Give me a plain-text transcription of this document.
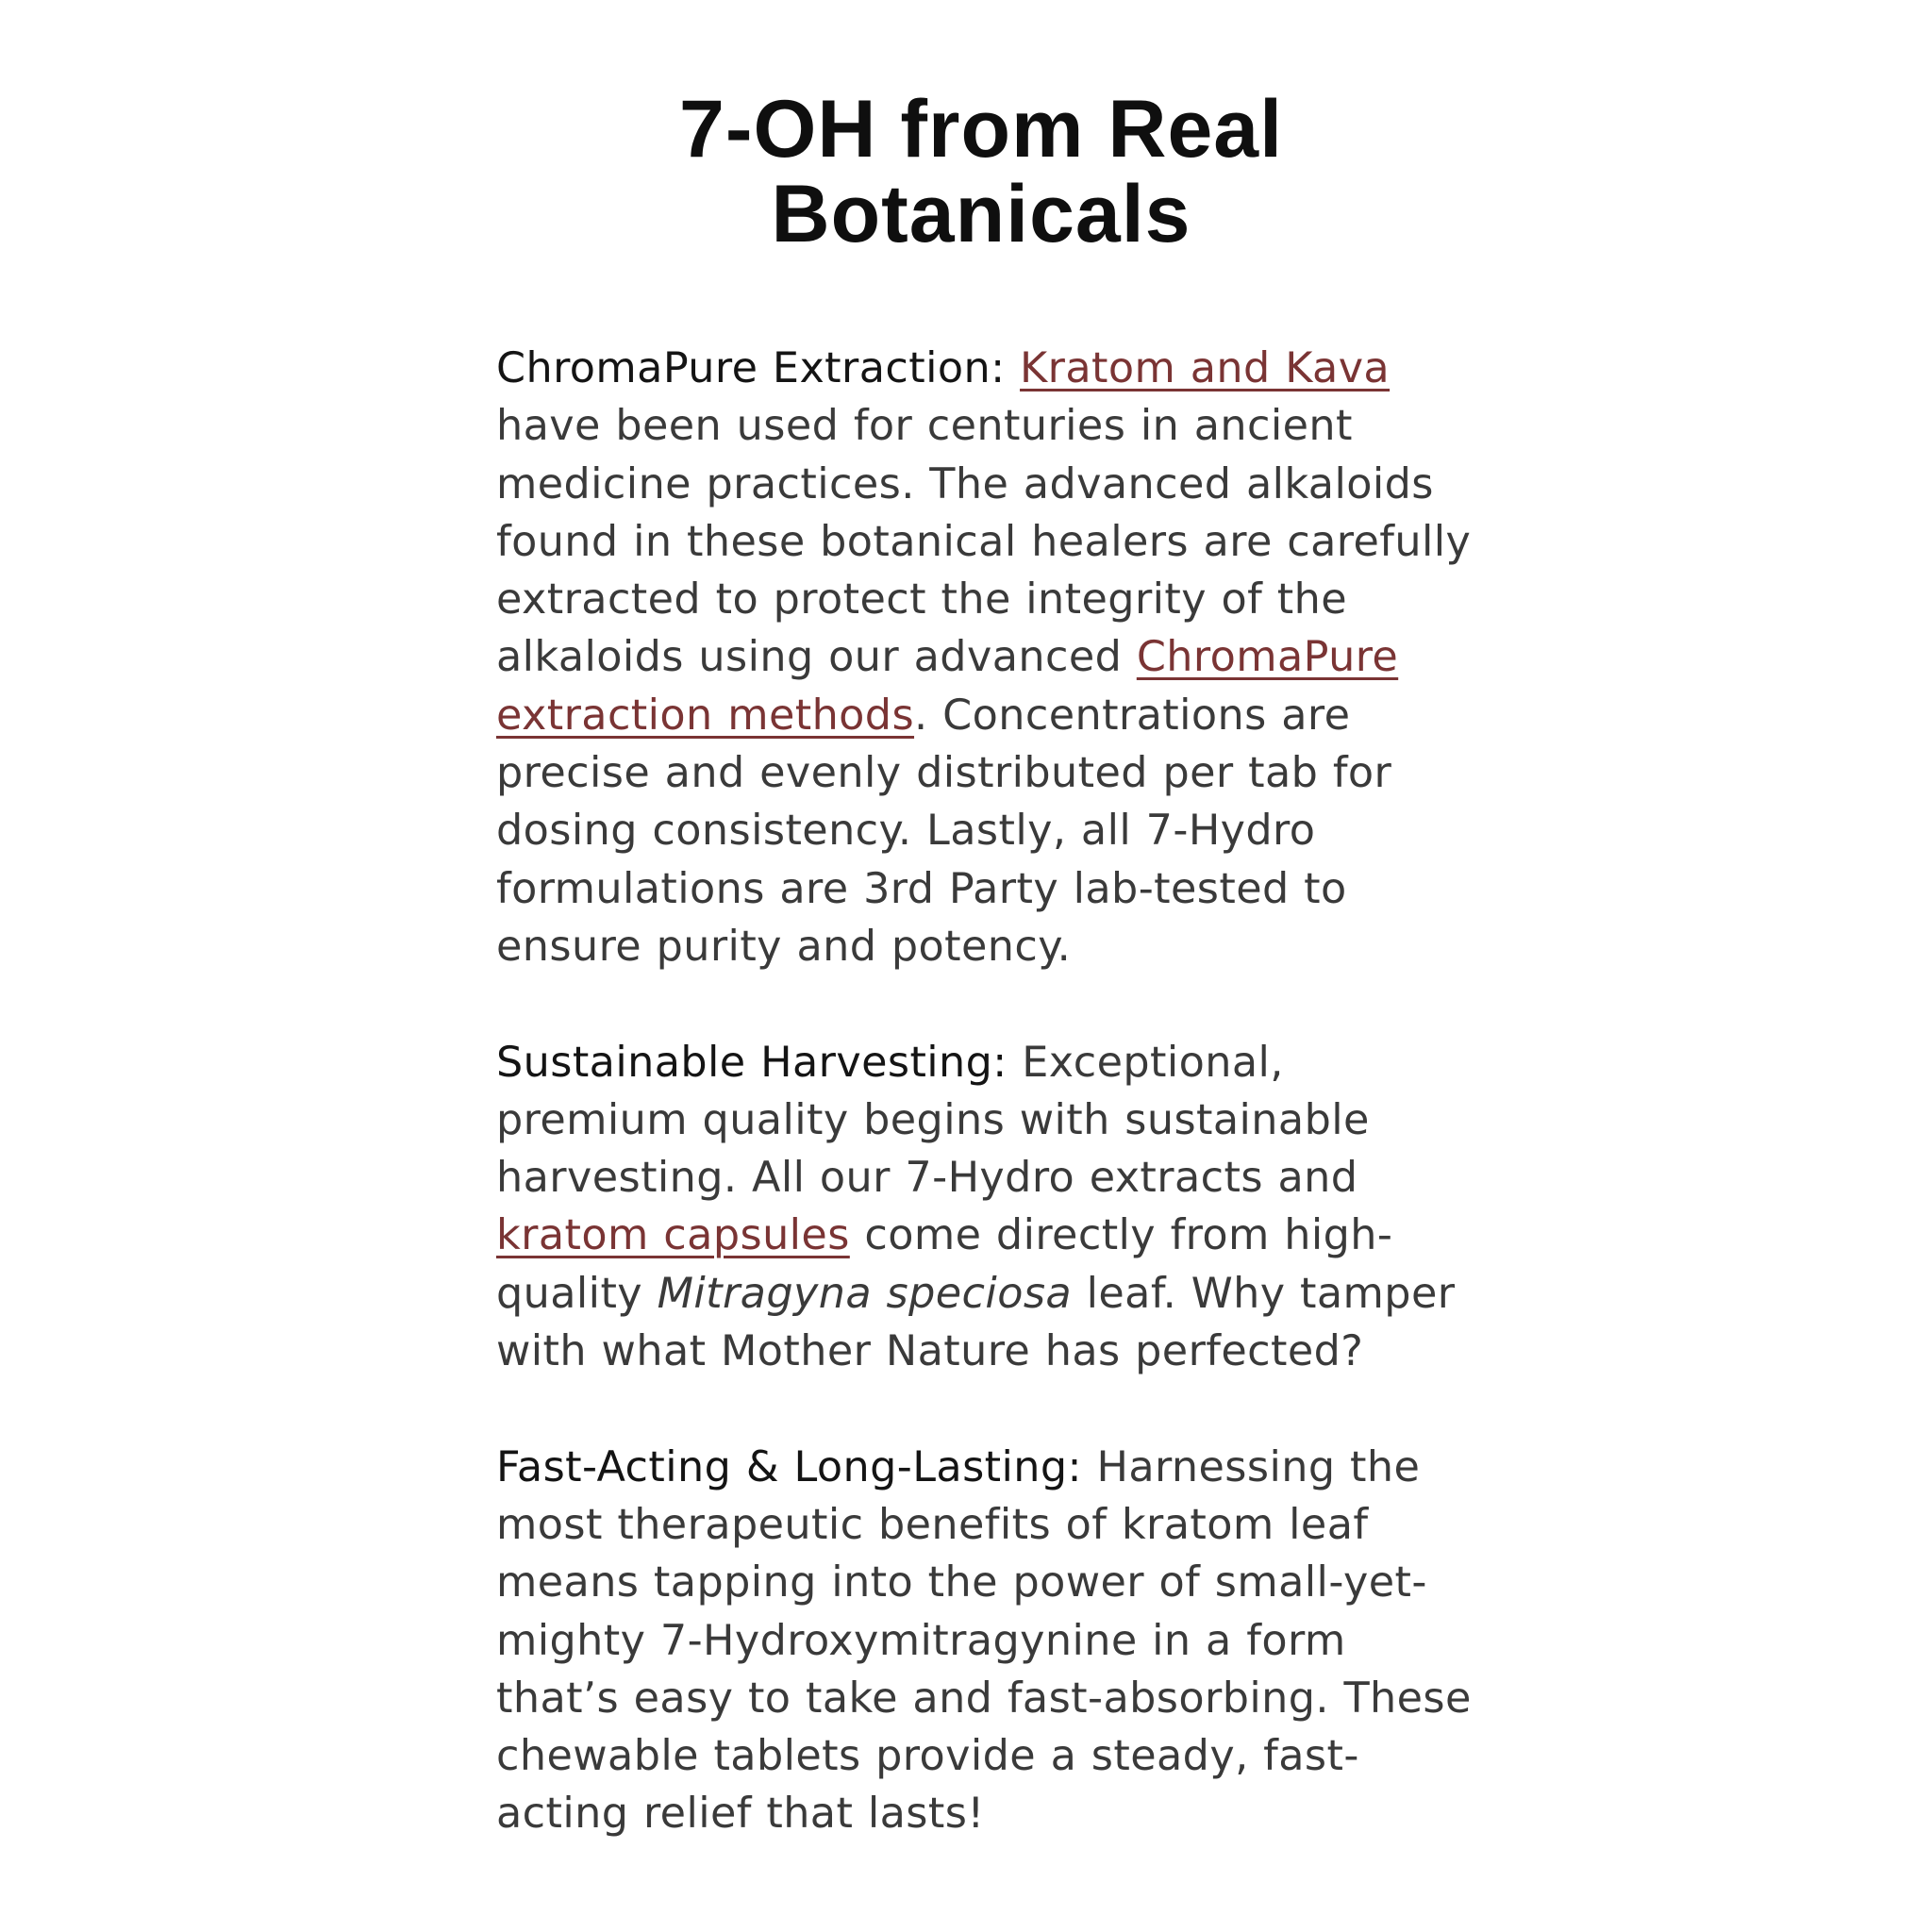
7-OH from Real
Botanicals

ChromaPure Extraction: Kratom and Kava have been used for centuries in ancient medicine practices. The advanced alkaloids found in these botanical healers are carefully extracted to protect the integrity of the alkaloids using our advanced ChromaPure extraction methods. Concentrations are precise and evenly distributed per tab for dosing consistency. Lastly, all 7-Hydro formulations are 3rd Party lab-tested to ensure purity and potency.

Sustainable Harvesting: Exceptional, premium quality begins with sustainable harvesting. All our 7-Hydro extracts and kratom capsules come directly from high-quality Mitragyna speciosa leaf. Why tamper with what Mother Nature has perfected?

Fast-Acting & Long-Lasting: Harnessing the most therapeutic benefits of kratom leaf means tapping into the power of small-yet-mighty 7-Hydroxymitragynine in a form that’s easy to take and fast-absorbing. These chewable tablets provide a steady, fast-acting relief that lasts!
